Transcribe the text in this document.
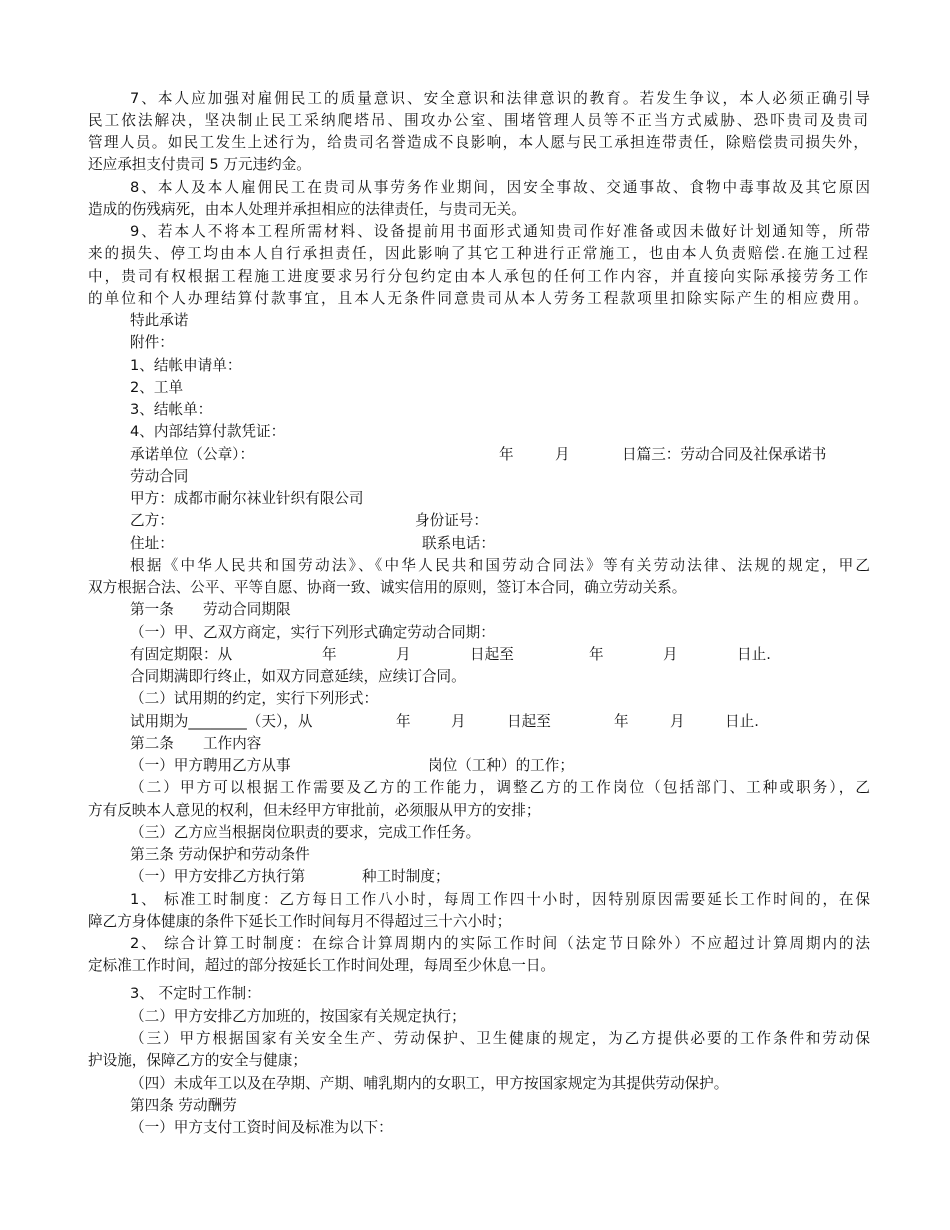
7、本人应加强对雇佣民工的质量意识、安全意识和法律意识的教育。若发生争议，本人必须正确引导
民工依法解决，坚决制止民工采纳爬塔吊、围攻办公室、围堵管理人员等不正当方式威胁、恐吓贵司及贵司
管理人员。如民工发生上述行为，给贵司名誉造成不良影响，本人愿与民工承担连带责任，除赔偿贵司损失外，
还应承担支付贵司 5 万元违约金。
8、本人及本人雇佣民工在贵司从事劳务作业期间，因安全事故、交通事故、食物中毒事故及其它原因
造成的伤残病死，由本人处理并承担相应的法律责任，与贵司无关。
9、若本人不将本工程所需材料、设备提前用书面形式通知贵司作好准备或因未做好计划通知等，所带
来的损失、停工均由本人自行承担责任，因此影响了其它工种进行正常施工，也由本人负责赔偿.在施工过程
中，贵司有权根据工程施工进度要求另行分包约定由本人承包的任何工作内容，并直接向实际承接劳务工作
的单位和个人办理结算付款事宜，且本人无条件同意贵司从本人劳务工程款项里扣除实际产生的相应费用。
特此承诺
附件：
1、结帐申请单：
2、工单
3、结帐单：
4、内部结算付款凭证：
承诺单位（公章）：	年	月	日篇三：劳动合同及社保承诺书
劳动合同
甲方：成都市耐尔袜业针织有限公司
乙方：	身份证号：
住址：	联系电话：
根据《中华人民共和国劳动法》、《中华人民共和国劳动合同法》等有关劳动法律、法规的规定，甲乙
双方根据合法、公平、平等自愿、协商一致、诚实信用的原则，签订本合同，确立劳动关系。
第一条　　劳动合同期限
（一）甲、乙双方商定，实行下列形式确定劳动合同期：
有固定期限：从	年	月	日起至	年	月	日止.
合同期满即行终止，如双方同意延续，应续订合同。
（二）试用期的约定，实行下列形式：
试用期为________（天），从	年	月	日起至	年	月	日止.
第二条　　工作内容
（一）甲方聘用乙方从事	岗位（工种）的工作；
（二）甲方可以根据工作需要及乙方的工作能力，调整乙方的工作岗位（包括部门、工种或职务），乙
方有反映本人意见的权利，但未经甲方审批前，必须服从甲方的安排；
（三）乙方应当根据岗位职责的要求，完成工作任务。
第三条 劳动保护和劳动条件
（一）甲方安排乙方执行第	种工时制度；
1、 标准工时制度：乙方每日工作八小时，每周工作四十小时，因特别原因需要延长工作时间的，在保
障乙方身体健康的条件下延长工作时间每月不得超过三十六小时；
2、 综合计算工时制度：在综合计算周期内的实际工作时间（法定节日除外）不应超过计算周期内的法
定标准工作时间，超过的部分按延长工作时间处理，每周至少休息一日。
3、 不定时工作制：
（二）甲方安排乙方加班的，按国家有关规定执行；
（三）甲方根据国家有关安全生产、劳动保护、卫生健康的规定，为乙方提供必要的工作条件和劳动保
护设施，保障乙方的安全与健康；
（四）未成年工以及在孕期、产期、哺乳期内的女职工，甲方按国家规定为其提供劳动保护。
第四条 劳动酬劳
（一）甲方支付工资时间及标准为以下：
